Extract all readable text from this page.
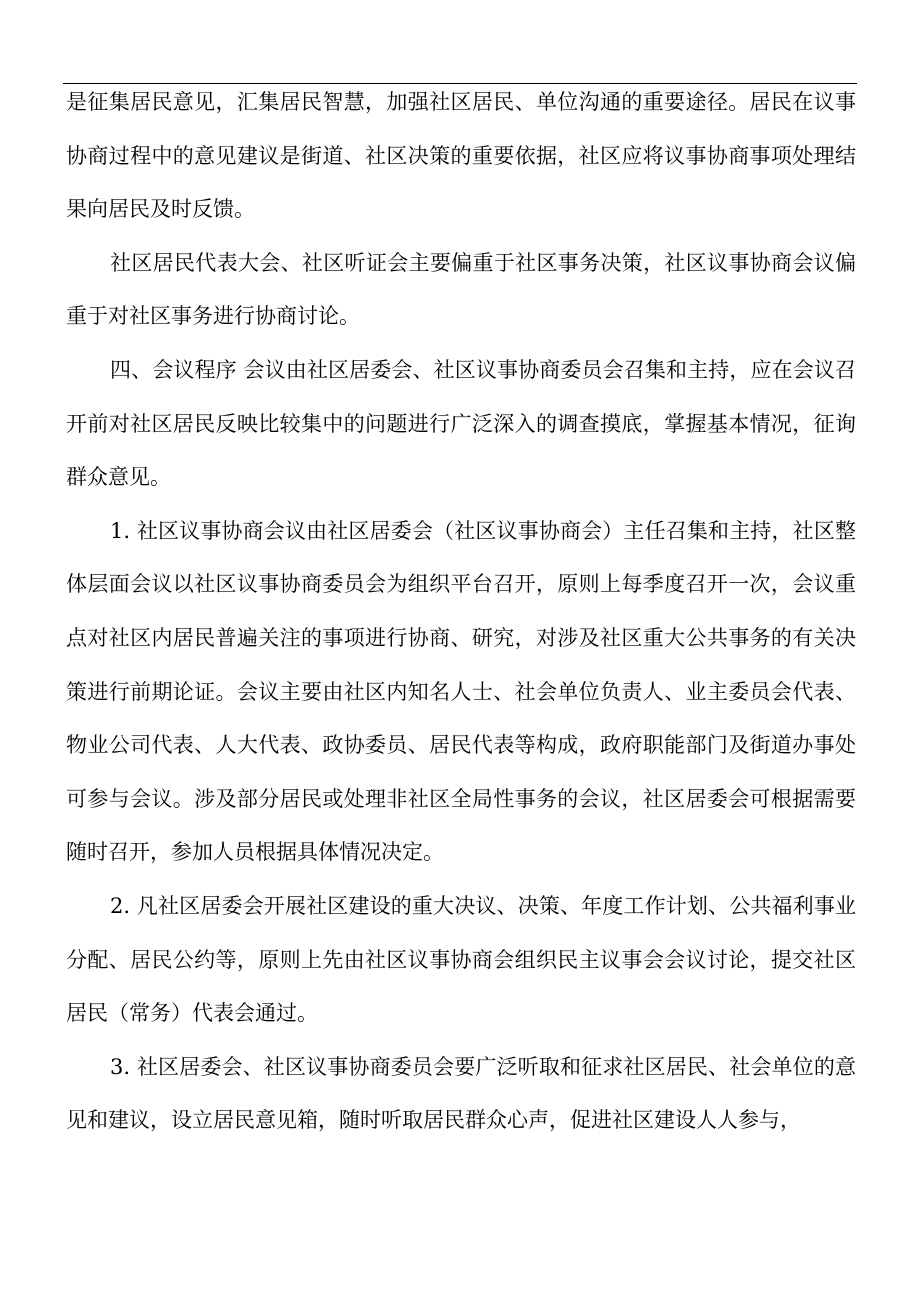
是征集居民意见，汇集居民智慧，加强社区居民、单位沟通的重要途径。居民在议事协商过程中的意见建议是街道、社区决策的重要依据，社区应将议事协商事项处理结果向居民及时反馈。

社区居民代表大会、社区听证会主要偏重于社区事务决策，社区议事协商会议偏重于对社区事务进行协商讨论。

四、会议程序 会议由社区居委会、社区议事协商委员会召集和主持，应在会议召开前对社区居民反映比较集中的问题进行广泛深入的调查摸底，掌握基本情况，征询群众意见。

1. 社区议事协商会议由社区居委会（社区议事协商会）主任召集和主持，社区整体层面会议以社区议事协商委员会为组织平台召开，原则上每季度召开一次，会议重点对社区内居民普遍关注的事项进行协商、研究，对涉及社区重大公共事务的有关决策进行前期论证。会议主要由社区内知名人士、社会单位负责人、业主委员会代表、物业公司代表、人大代表、政协委员、居民代表等构成，政府职能部门及街道办事处可参与会议。涉及部分居民或处理非社区全局性事务的会议，社区居委会可根据需要随时召开，参加人员根据具体情况决定。

2. 凡社区居委会开展社区建设的重大决议、决策、年度工作计划、公共福利事业分配、居民公约等，原则上先由社区议事协商会组织民主议事会会议讨论，提交社区居民（常务）代表会通过。

3. 社区居委会、社区议事协商委员会要广泛听取和征求社区居民、社会单位的意见和建议，设立居民意见箱，随时听取居民群众心声，促进社区建设人人参与，
